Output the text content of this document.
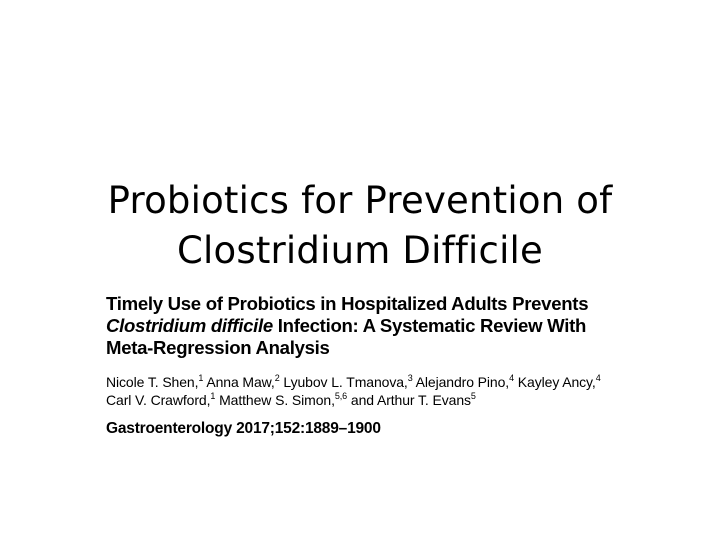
Probiotics for Prevention of
Clostridium Difficile
Timely Use of Probiotics in Hospitalized Adults Prevents
Clostridium difficile Infection: A Systematic Review With
Meta-Regression Analysis
Nicole T. Shen,$^1$ Anna Maw,$^2$ Lyubov L. Tmanova,$^3$ Alejandro Pino,$^4$ Kayley Ancy,$^4$
Carl V. Crawford,$^1$ Matthew S. Simon,$^{5,6}$ and Arthur T. Evans$^5$
Gastroenterology 2017;152:1889–1900
